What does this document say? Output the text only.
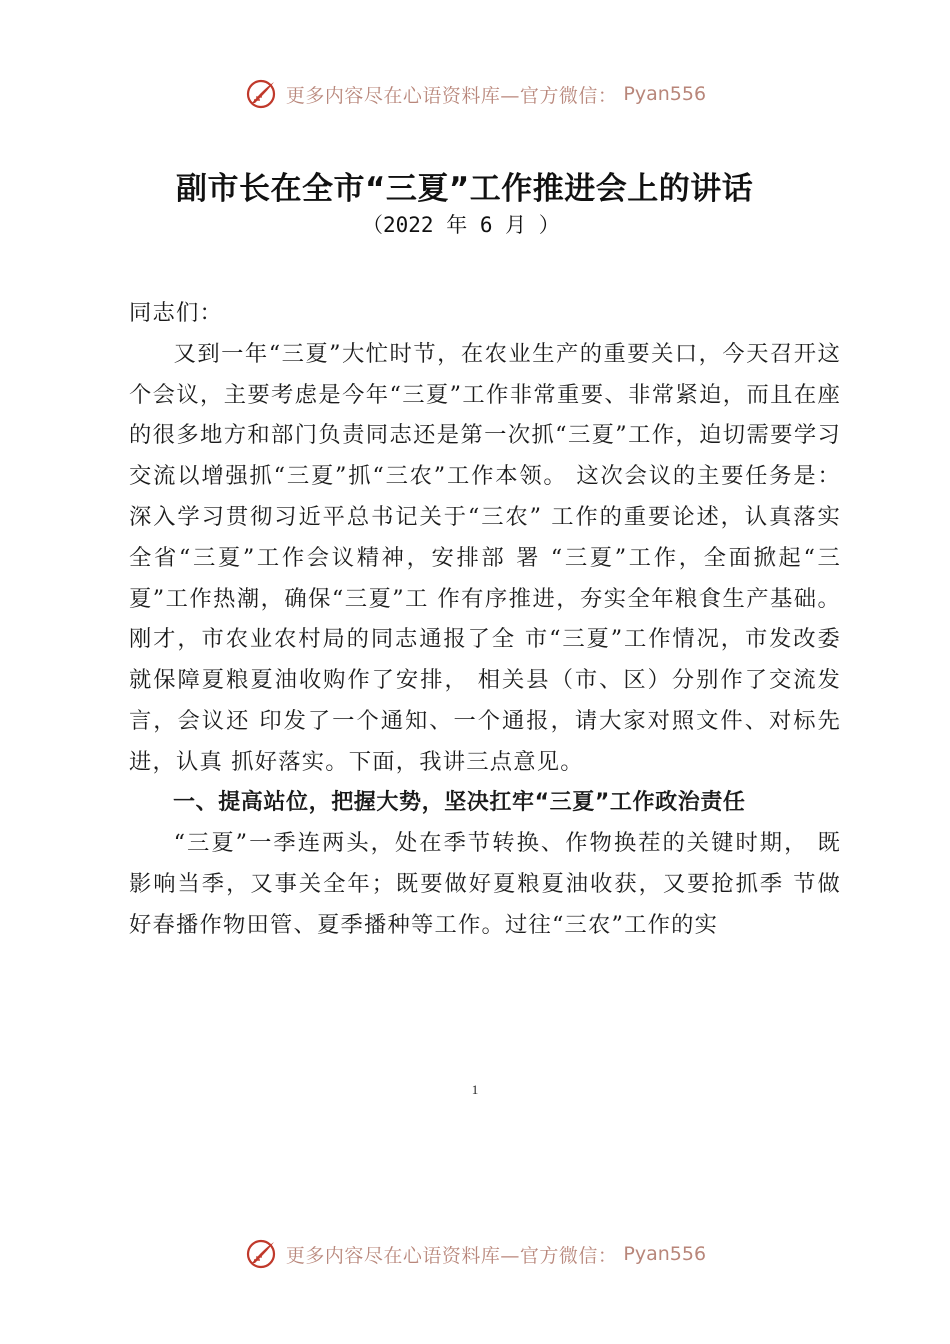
更多内容尽在心语资料库—官方微信： Pyan556
副市长在全市“三夏”工作推进会上的讲话
（2022 年 6 月 ）

同志们：

又到一年“三夏”大忙时节，在农业生产的重要关口，今天召开这个会议，主要考虑是今年“三夏”工作非常重要、非常紧迫，而且在座的很多地方和部门负责同志还是第一次抓“三夏”工作，迫切需要学习交流以增强抓“三夏”抓“三农”工作本领。 这次会议的主要任务是：深入学习贯彻习近平总书记关于“三农” 工作的重要论述，认真落实全省“三夏”工作会议精神，安排部 署 “三夏”工作，全面掀起“三夏”工作热潮，确保“三夏”工 作有序推进，夯实全年粮食生产基础。刚才，市农业农村局的同志通报了全 市“三夏”工作情况，市发改委就保障夏粮夏油收购作了安排， 相关县（市、区）分别作了交流发言，会议还 印发了一个通知、一个通报，请大家对照文件、对标先进，认真 抓好落实。下面，我讲三点意见。

一、提高站位，把握大势，坚决扛牢“三夏”工作政治责任

“三夏”一季连两头，处在季节转换、作物换茬的关键时期， 既影响当季，又事关全年；既要做好夏粮夏油收获，又要抢抓季 节做好春播作物田管、夏季播种等工作。过往“三农”工作的实

1
更多内容尽在心语资料库—官方微信： Pyan556
